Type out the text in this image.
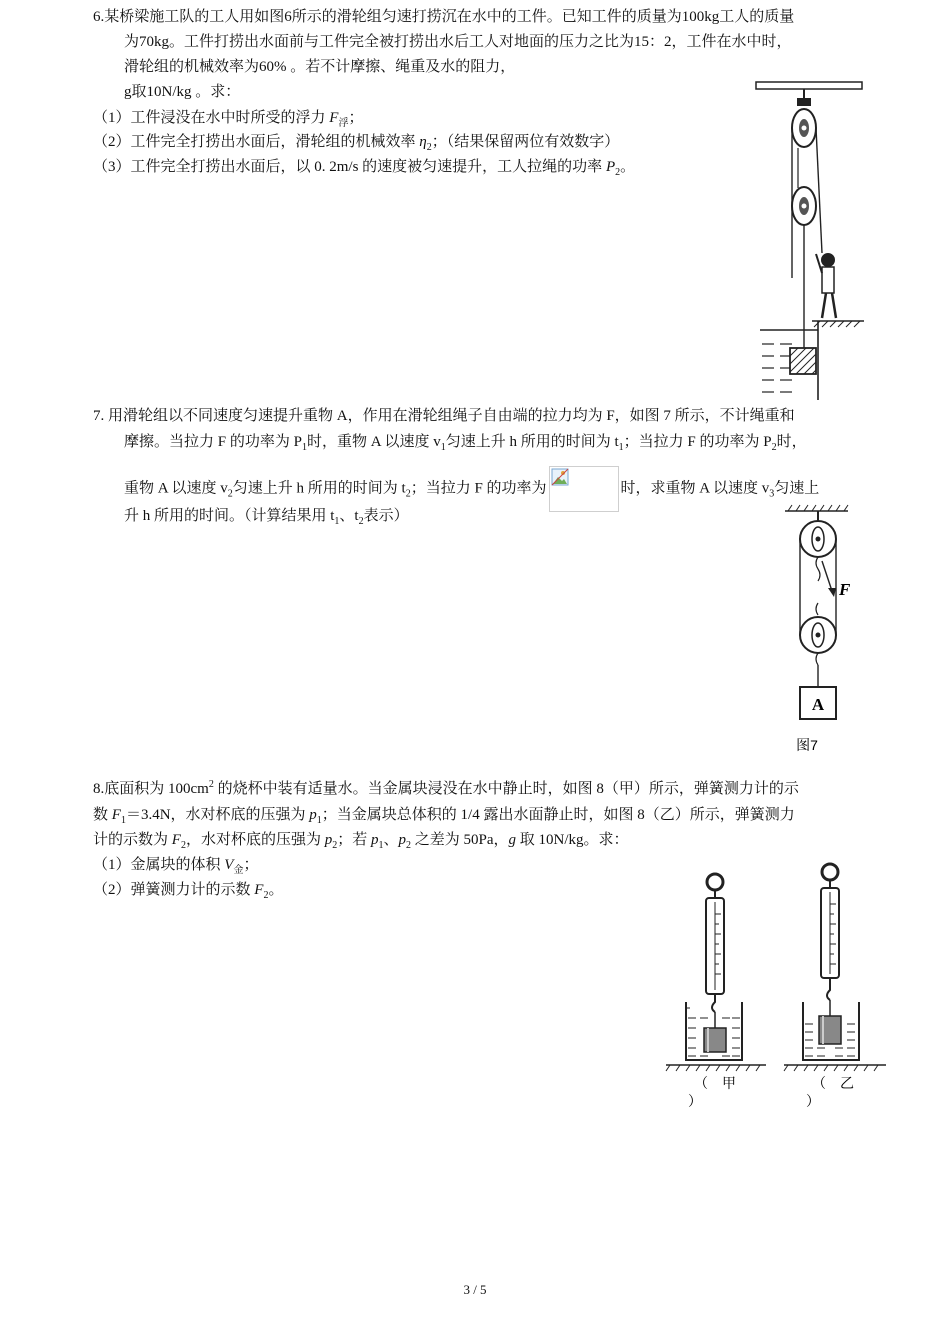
6.某桥梁施工队的工人用如图6所示的滑轮组匀速打捞沉在水中的工件。已知工件的质量为100kg工人的质量
为70kg。工件打捞出水面前与工件完全被打捞出水后工人对地面的压力之比为15：2，工件在水中时，
滑轮组的机械效率为60% 。若不计摩擦、绳重及水的阻力，
g取10N/kg 。求：
（1）工件浸没在水中时所受的浮力 $F_浮$；
（2）工件完全打捞出水面后，滑轮组的机械效率 $\eta_2$；（结果保留两位有效数字）
（3）工件完全打捞出水面后，以 0. 2m/s 的速度被匀速提升，工人拉绳的功率 $P_2$。
7. 用滑轮组以不同速度匀速提升重物 A，作用在滑轮组绳子自由端的拉力均为 F，如图 7 所示，不计绳重和
摩擦。当拉力 F 的功率为 $P_1$时，重物 A 以速度 $v_1$匀速上升 h 所用的时间为 $t_1$；当拉力 F 的功率为 $P_2$时，
重物 A 以速度 $v_2$匀速上升 h 所用的时间为 $t_2$；当拉力 F 的功率为	时，求重物 A 以速度 $v_3$匀速上
升 h 所用的时间。（计算结果用 $t_1$、$t_2$表示）
F
A
图7
8.底面积为 $100cm^2$ 的烧杯中装有适量水。当金属块浸没在水中静止时，如图 8（甲）所示，弹簧测力计的示
数 $F_1=3.4N$，水对杯底的压强为 $p_1$；当金属块总体积的 1/4 露出水面静止时，如图 8（乙）所示，弹簧测力
计的示数为 $F_2$，水对杯底的压强为 $p_2$；若 $p_1$、$p_2$ 之差为 50Pa，g 取 10N/kg。求：
（1）金属块的体积 $V_金$；
（2）弹簧测力计的示数 $F_2$。
（　甲
）
（　乙
）
3 / 5
